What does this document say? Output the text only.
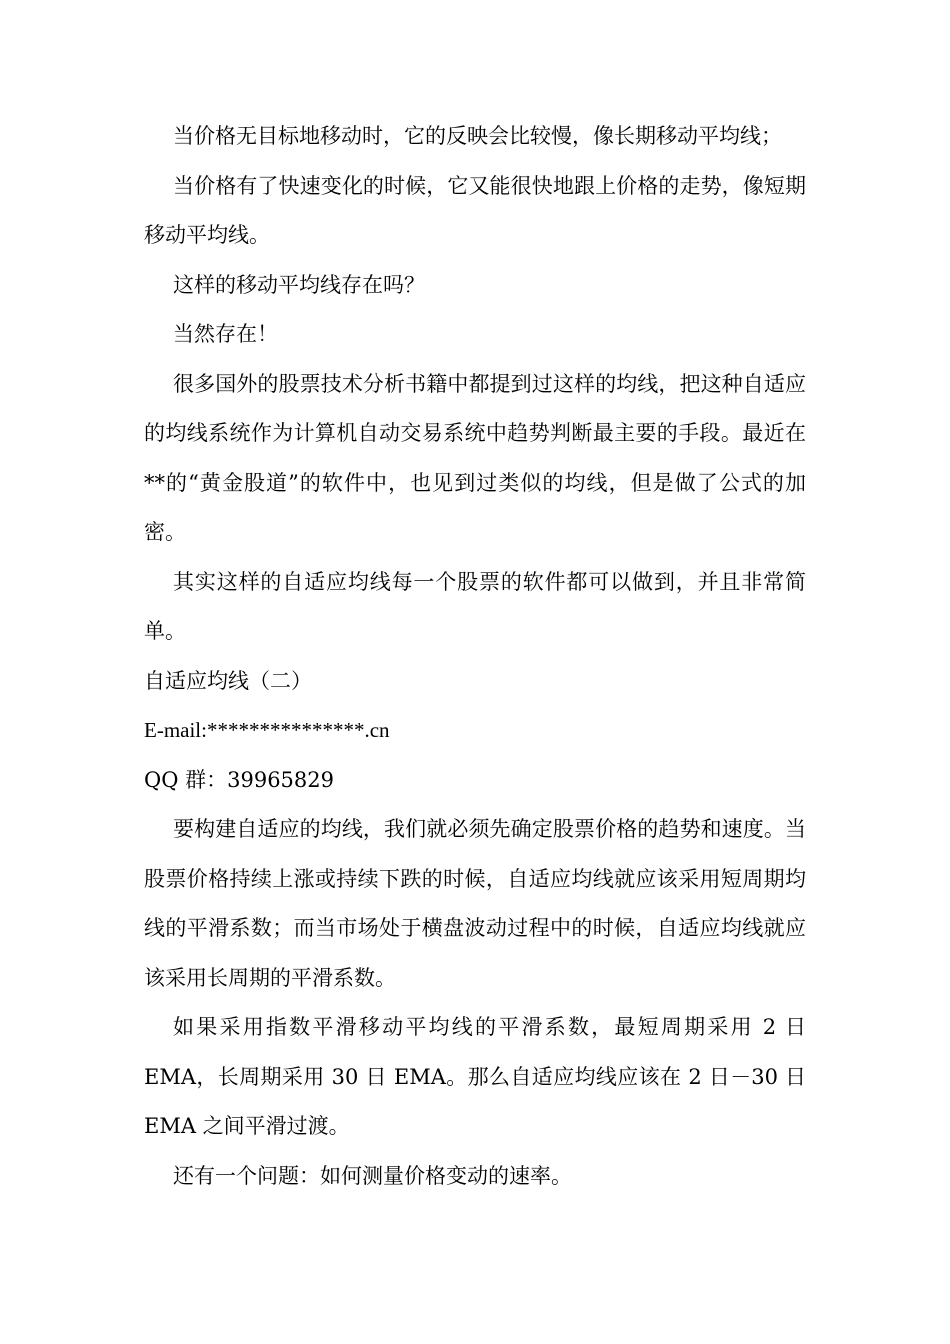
当价格无目标地移动时，它的反映会比较慢，像长期移动平均线；

当价格有了快速变化的时候，它又能很快地跟上价格的走势，像短期移动平均线。

这样的移动平均线存在吗？

当然存在！

很多国外的股票技术分析书籍中都提到过这样的均线，把这种自适应的均线系统作为计算机自动交易系统中趋势判断最主要的手段。最近在**的“黄金股道”的软件中，也见到过类似的均线，但是做了公式的加密。

其实这样的自适应均线每一个股票的软件都可以做到，并且非常简单。

自适应均线（二）

E-mail:***************.cn

QQ 群：39965829

要构建自适应的均线，我们就必须先确定股票价格的趋势和速度。当股票价格持续上涨或持续下跌的时候，自适应均线就应该采用短周期均线的平滑系数；而当市场处于横盘波动过程中的时候，自适应均线就应该采用长周期的平滑系数。

如果采用指数平滑移动平均线的平滑系数，最短周期采用 2 日EMA，长周期采用 30 日 EMA。那么自适应均线应该在 2 日－30 日EMA 之间平滑过渡。

还有一个问题：如何测量价格变动的速率。
